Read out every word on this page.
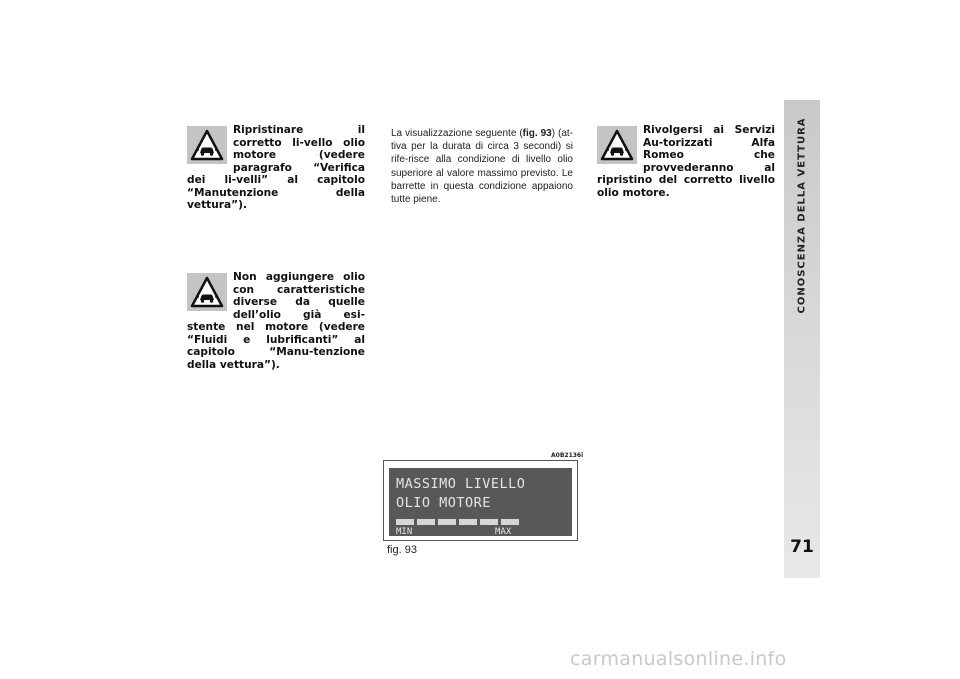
CONOSCENZA DELLA VETTURA
71
Ripristinare il corretto li-vello olio motore (vedere paragrafo “Verifica dei li-velli” al capitolo “Manutenzione della vettura”).
Non aggiungere olio con caratteristiche diverse da quelle dell’olio già esi-stente nel motore (vedere “Fluidi e lubrificanti” al capitolo “Manu-tenzione della vettura”).
La visualizzazione seguente (fig. 93) (at-tiva per la durata di circa 3 secondi) si rife-risce alla condizione di livello olio superiore al valore massimo previsto. Le barrette in questa condizione appaiono tutte piene.
Rivolgersi ai Servizi Au-torizzati Alfa Romeo che provvederanno al ripristino del corretto livello olio motore.
A0B2136i
MASSIMO LIVELLO
OLIO MOTORE
MIN	MAX
fig. 93
carmanualsonline.info
